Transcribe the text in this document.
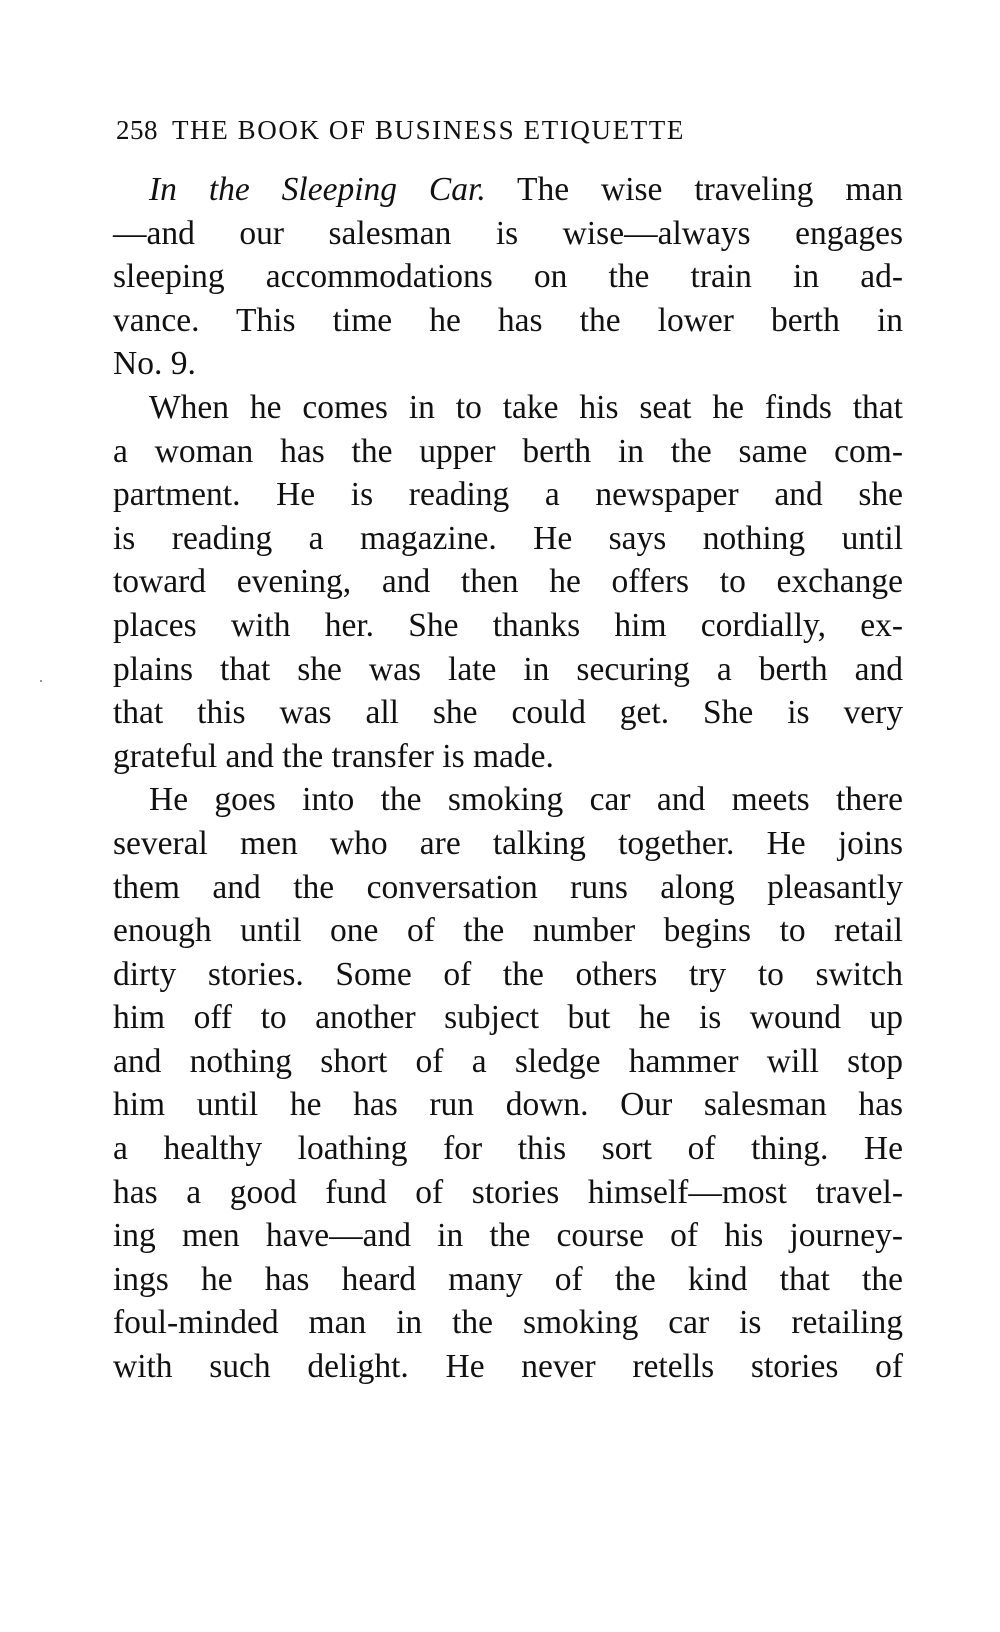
258 THE BOOK OF BUSINESS ETIQUETTE
In the Sleeping Car. The wise traveling man
—and our salesman is wise—always engages
sleeping accommodations on the train in ad-
vance. This time he has the lower berth in
No. 9.
When he comes in to take his seat he finds that
a woman has the upper berth in the same com-
partment. He is reading a newspaper and she
is reading a magazine. He says nothing until
toward evening, and then he offers to exchange
places with her. She thanks him cordially, ex-
plains that she was late in securing a berth and
that this was all she could get. She is very
grateful and the transfer is made.
He goes into the smoking car and meets there
several men who are talking together. He joins
them and the conversation runs along pleasantly
enough until one of the number begins to retail
dirty stories. Some of the others try to switch
him off to another subject but he is wound up
and nothing short of a sledge hammer will stop
him until he has run down. Our salesman has
a healthy loathing for this sort of thing. He
has a good fund of stories himself—most travel-
ing men have—and in the course of his journey-
ings he has heard many of the kind that the
foul-minded man in the smoking car is retailing
with such delight. He never retells stories of
